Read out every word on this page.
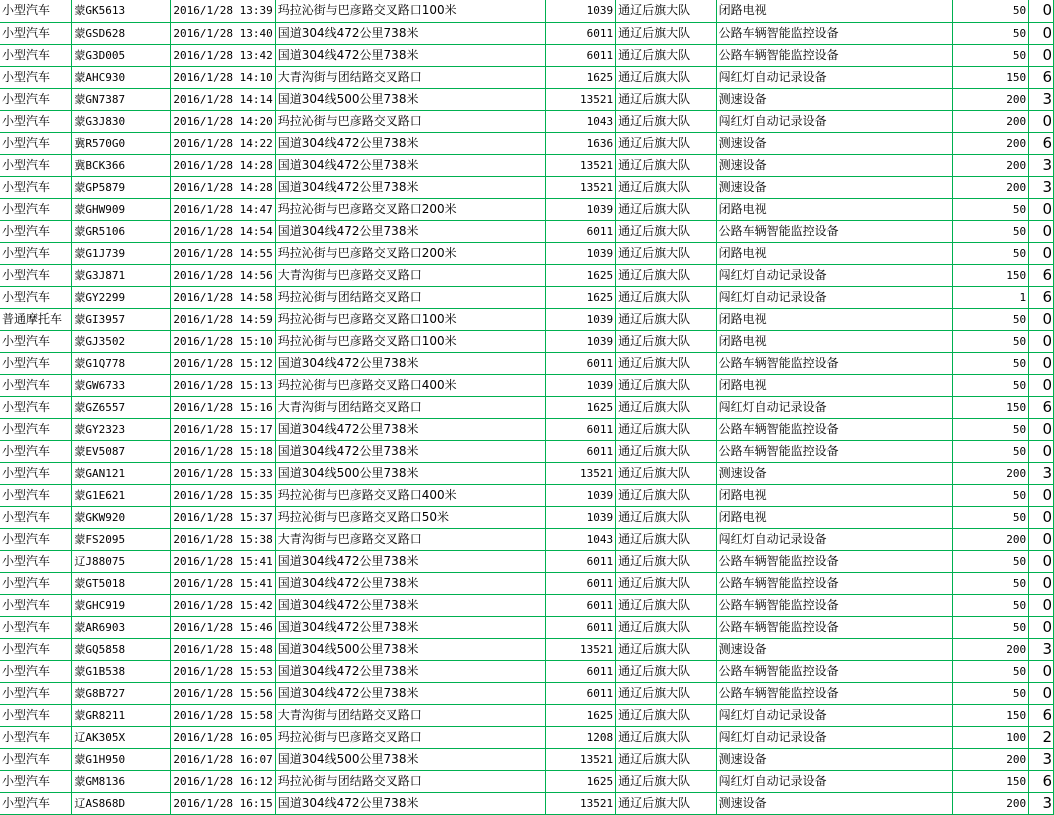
小型汽车	蒙GK5613	2016/1/28 13:39	玛拉沁街与巴彦路交叉路口100米	1039	通辽后旗大队	闭路电视	50	0
小型汽车	蒙GSD628	2016/1/28 13:40	国道304线472公里738米	6011	通辽后旗大队	公路车辆智能监控设备	50	0
小型汽车	蒙G3D005	2016/1/28 13:42	国道304线472公里738米	6011	通辽后旗大队	公路车辆智能监控设备	50	0
小型汽车	蒙AHC930	2016/1/28 14:10	大青沟街与团结路交叉路口	1625	通辽后旗大队	闯红灯自动记录设备	150	6
小型汽车	蒙GN7387	2016/1/28 14:14	国道304线500公里738米	13521	通辽后旗大队	测速设备	200	3
小型汽车	蒙G3J830	2016/1/28 14:20	玛拉沁街与巴彦路交叉路口	1043	通辽后旗大队	闯红灯自动记录设备	200	0
小型汽车	冀R570G0	2016/1/28 14:22	国道304线472公里738米	1636	通辽后旗大队	测速设备	200	6
小型汽车	冀BCK366	2016/1/28 14:28	国道304线472公里738米	13521	通辽后旗大队	测速设备	200	3
小型汽车	蒙GP5879	2016/1/28 14:28	国道304线472公里738米	13521	通辽后旗大队	测速设备	200	3
小型汽车	蒙GHW909	2016/1/28 14:47	玛拉沁街与巴彦路交叉路口200米	1039	通辽后旗大队	闭路电视	50	0
小型汽车	蒙GR5106	2016/1/28 14:54	国道304线472公里738米	6011	通辽后旗大队	公路车辆智能监控设备	50	0
小型汽车	蒙G1J739	2016/1/28 14:55	玛拉沁街与巴彦路交叉路口200米	1039	通辽后旗大队	闭路电视	50	0
小型汽车	蒙G3J871	2016/1/28 14:56	大青沟街与巴彦路交叉路口	1625	通辽后旗大队	闯红灯自动记录设备	150	6
小型汽车	蒙GY2299	2016/1/28 14:58	玛拉沁街与团结路交叉路口	1625	通辽后旗大队	闯红灯自动记录设备	1	6
普通摩托车	蒙GI3957	2016/1/28 14:59	玛拉沁街与巴彦路交叉路口100米	1039	通辽后旗大队	闭路电视	50	0
小型汽车	蒙GJ3502	2016/1/28 15:10	玛拉沁街与巴彦路交叉路口100米	1039	通辽后旗大队	闭路电视	50	0
小型汽车	蒙G1Q778	2016/1/28 15:12	国道304线472公里738米	6011	通辽后旗大队	公路车辆智能监控设备	50	0
小型汽车	蒙GW6733	2016/1/28 15:13	玛拉沁街与巴彦路交叉路口400米	1039	通辽后旗大队	闭路电视	50	0
小型汽车	蒙GZ6557	2016/1/28 15:16	大青沟街与团结路交叉路口	1625	通辽后旗大队	闯红灯自动记录设备	150	6
小型汽车	蒙GY2323	2016/1/28 15:17	国道304线472公里738米	6011	通辽后旗大队	公路车辆智能监控设备	50	0
小型汽车	蒙EV5087	2016/1/28 15:18	国道304线472公里738米	6011	通辽后旗大队	公路车辆智能监控设备	50	0
小型汽车	蒙GAN121	2016/1/28 15:33	国道304线500公里738米	13521	通辽后旗大队	测速设备	200	3
小型汽车	蒙G1E621	2016/1/28 15:35	玛拉沁街与巴彦路交叉路口400米	1039	通辽后旗大队	闭路电视	50	0
小型汽车	蒙GKW920	2016/1/28 15:37	玛拉沁街与巴彦路交叉路口50米	1039	通辽后旗大队	闭路电视	50	0
小型汽车	蒙FS2095	2016/1/28 15:38	大青沟街与巴彦路交叉路口	1043	通辽后旗大队	闯红灯自动记录设备	200	0
小型汽车	辽J88075	2016/1/28 15:41	国道304线472公里738米	6011	通辽后旗大队	公路车辆智能监控设备	50	0
小型汽车	蒙GT5018	2016/1/28 15:41	国道304线472公里738米	6011	通辽后旗大队	公路车辆智能监控设备	50	0
小型汽车	蒙GHC919	2016/1/28 15:42	国道304线472公里738米	6011	通辽后旗大队	公路车辆智能监控设备	50	0
小型汽车	蒙AR6903	2016/1/28 15:46	国道304线472公里738米	6011	通辽后旗大队	公路车辆智能监控设备	50	0
小型汽车	蒙GQ5858	2016/1/28 15:48	国道304线500公里738米	13521	通辽后旗大队	测速设备	200	3
小型汽车	蒙G1B538	2016/1/28 15:53	国道304线472公里738米	6011	通辽后旗大队	公路车辆智能监控设备	50	0
小型汽车	蒙G8B727	2016/1/28 15:56	国道304线472公里738米	6011	通辽后旗大队	公路车辆智能监控设备	50	0
小型汽车	蒙GR8211	2016/1/28 15:58	大青沟街与团结路交叉路口	1625	通辽后旗大队	闯红灯自动记录设备	150	6
小型汽车	辽AK305X	2016/1/28 16:05	玛拉沁街与巴彦路交叉路口	1208	通辽后旗大队	闯红灯自动记录设备	100	2
小型汽车	蒙G1H950	2016/1/28 16:07	国道304线500公里738米	13521	通辽后旗大队	测速设备	200	3
小型汽车	蒙GM8136	2016/1/28 16:12	玛拉沁街与团结路交叉路口	1625	通辽后旗大队	闯红灯自动记录设备	150	6
小型汽车	辽AS868D	2016/1/28 16:15	国道304线472公里738米	13521	通辽后旗大队	测速设备	200	3
